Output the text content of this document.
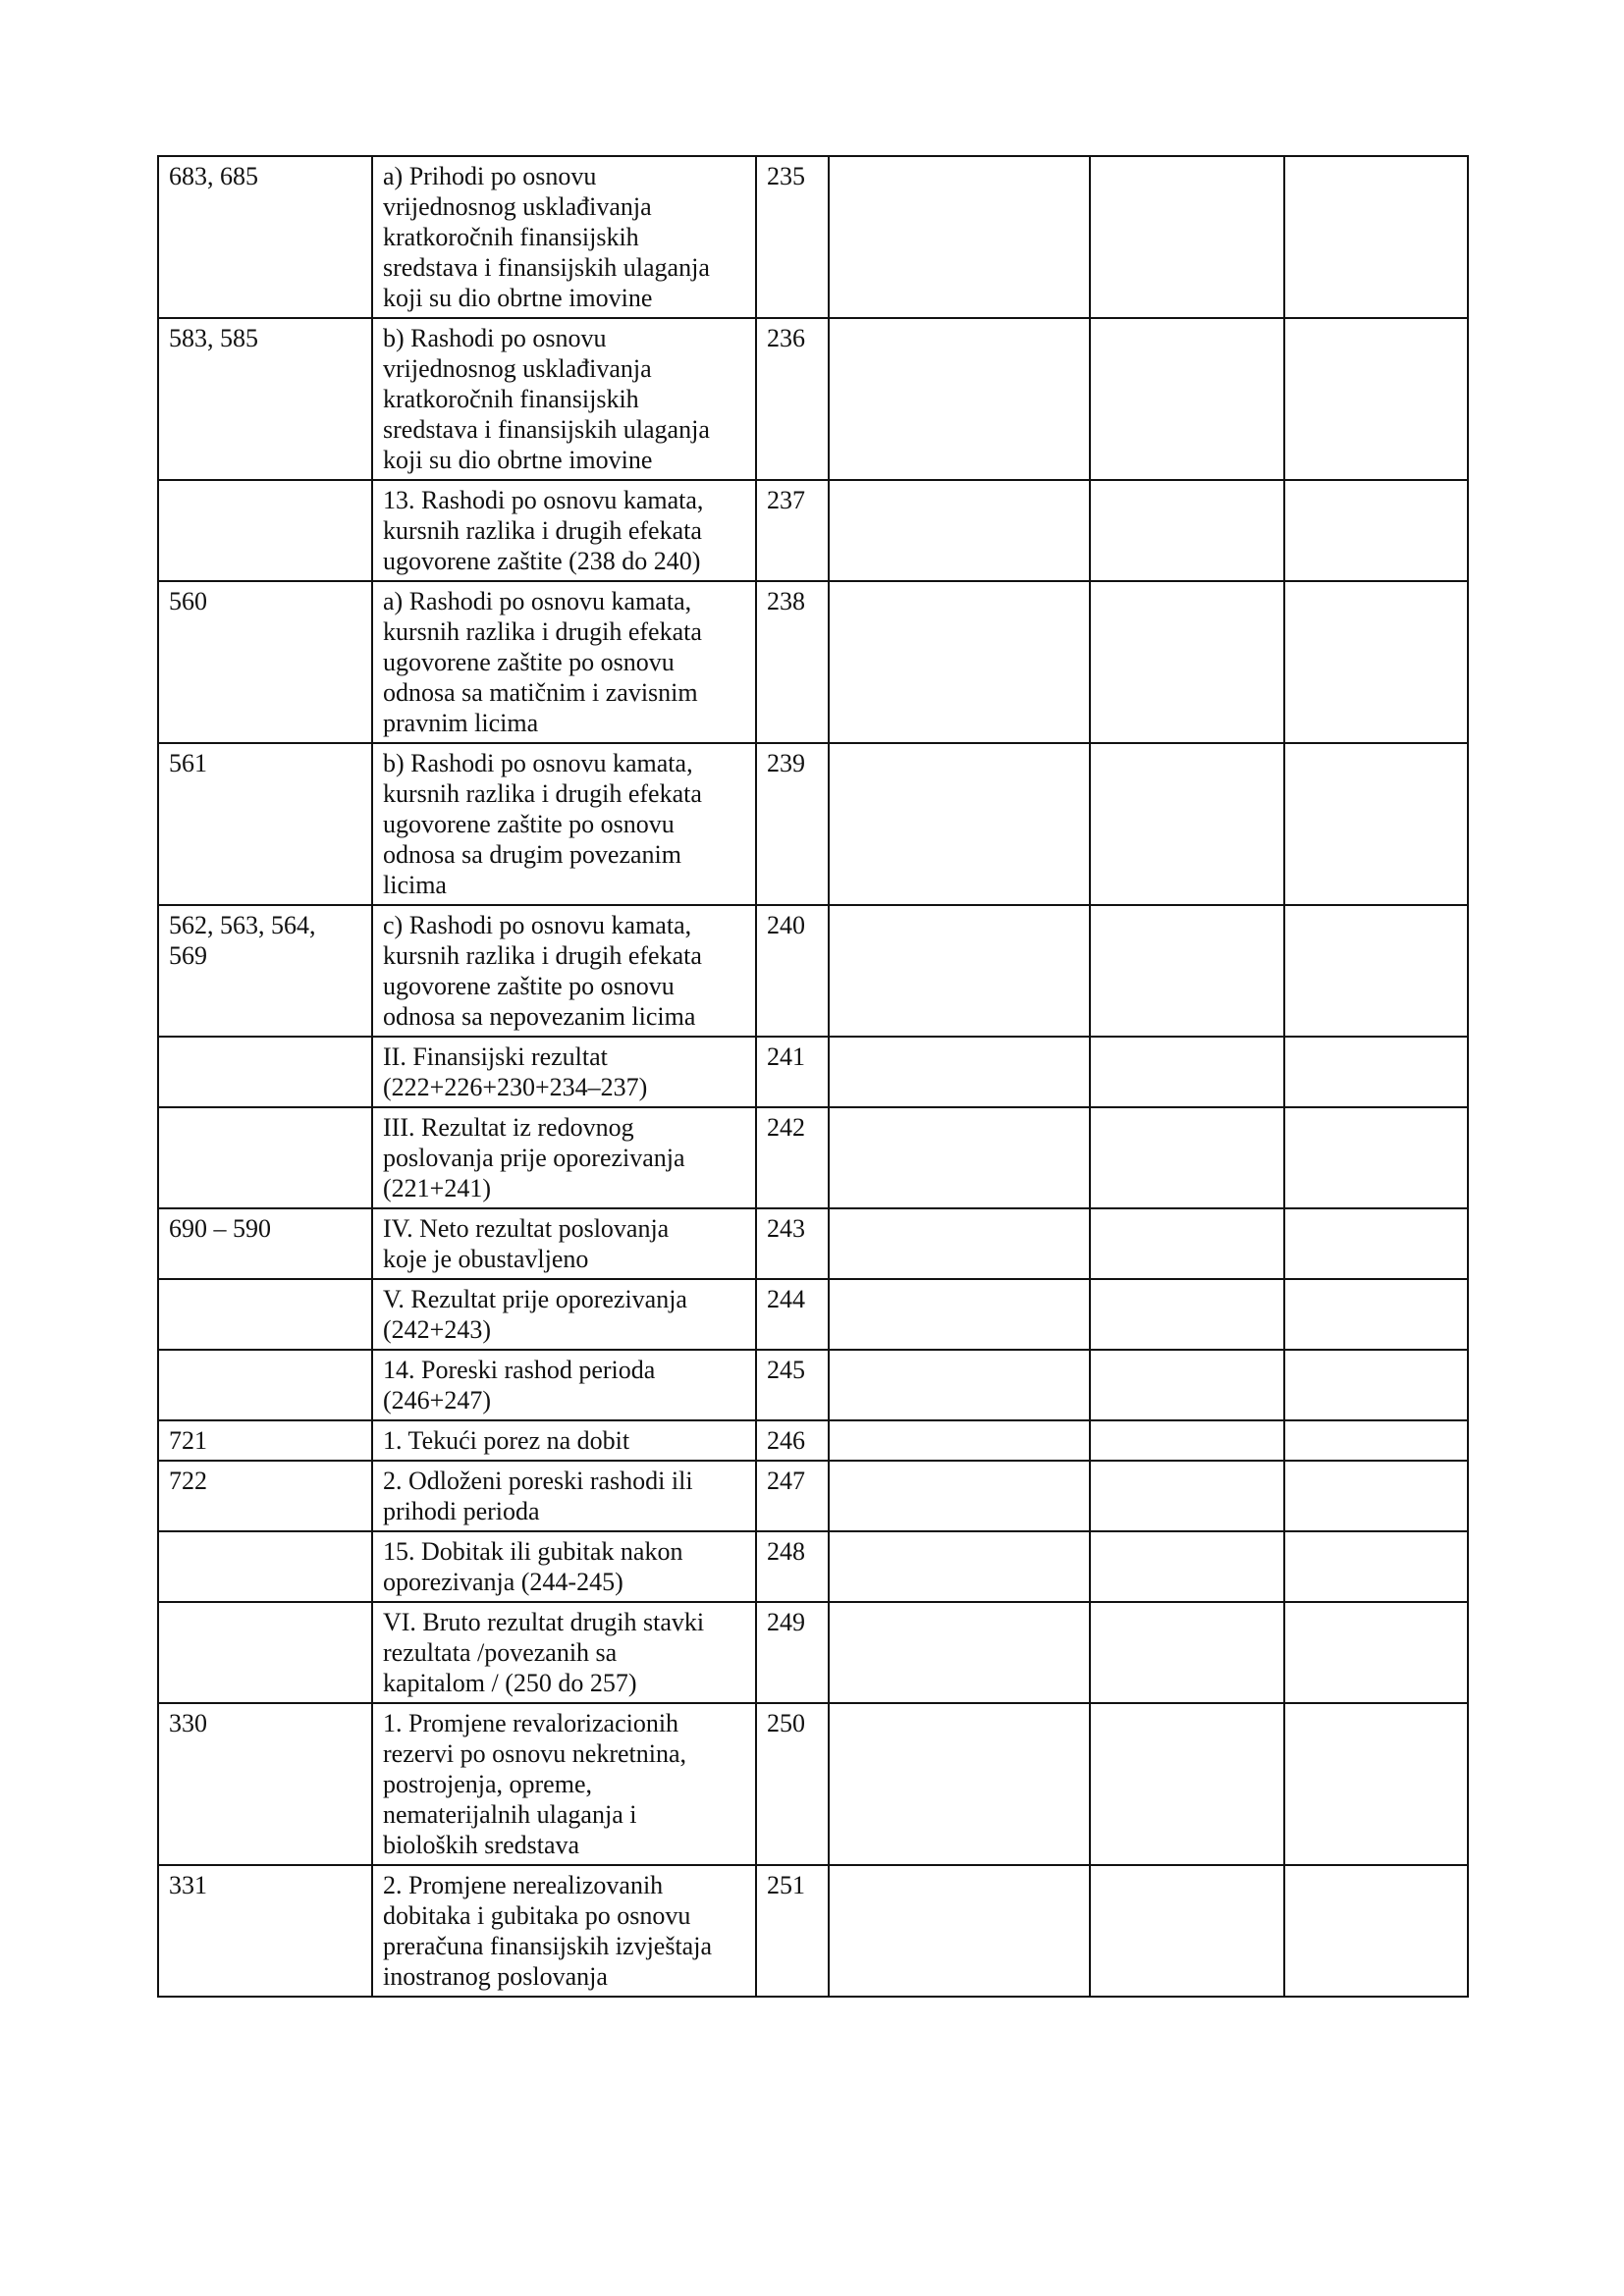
683, 685	a) Prihodi po osnovu
vrijednosnog usklađivanja
kratkoročnih finansijskih
sredstava i finansijskih ulaganja
koji su dio obrtne imovine	235			
583, 585	b) Rashodi po osnovu
vrijednosnog usklađivanja
kratkoročnih finansijskih
sredstava i finansijskih ulaganja
koji su dio obrtne imovine	236			
	13. Rashodi po osnovu kamata,
kursnih razlika i drugih efekata
ugovorene zaštite (238 do 240)	237			
560	a) Rashodi po osnovu kamata,
kursnih razlika i drugih efekata
ugovorene zaštite po osnovu
odnosa sa matičnim i zavisnim
pravnim licima	238			
561	b) Rashodi po osnovu kamata,
kursnih razlika i drugih efekata
ugovorene zaštite po osnovu
odnosa sa drugim povezanim
licima	239			
562, 563, 564,
569	c) Rashodi po osnovu kamata,
kursnih razlika i drugih efekata
ugovorene zaštite po osnovu
odnosa sa nepovezanim licima	240			
	II. Finansijski rezultat
(222+226+230+234–237)	241			
	III. Rezultat iz redovnog
poslovanja prije oporezivanja
(221+241)	242			
690 – 590	IV. Neto rezultat poslovanja
koje je obustavljeno	243			
	V. Rezultat prije oporezivanja
(242+243)	244			
	14. Poreski rashod perioda
(246+247)	245			
721	1. Tekući porez na dobit	246			
722	2. Odloženi poreski rashodi ili
prihodi perioda	247			
	15. Dobitak ili gubitak nakon
oporezivanja (244-245)	248			
	VI. Bruto rezultat drugih stavki
rezultata /povezanih sa
kapitalom / (250 do 257)	249			
330	1. Promjene revalorizacionih
rezervi po osnovu nekretnina,
postrojenja, opreme,
nematerijalnih ulaganja i
bioloških sredstava	250			
331	2. Promjene nerealizovanih
dobitaka i gubitaka po osnovu
preračuna finansijskih izvještaja
inostranog poslovanja	251			
